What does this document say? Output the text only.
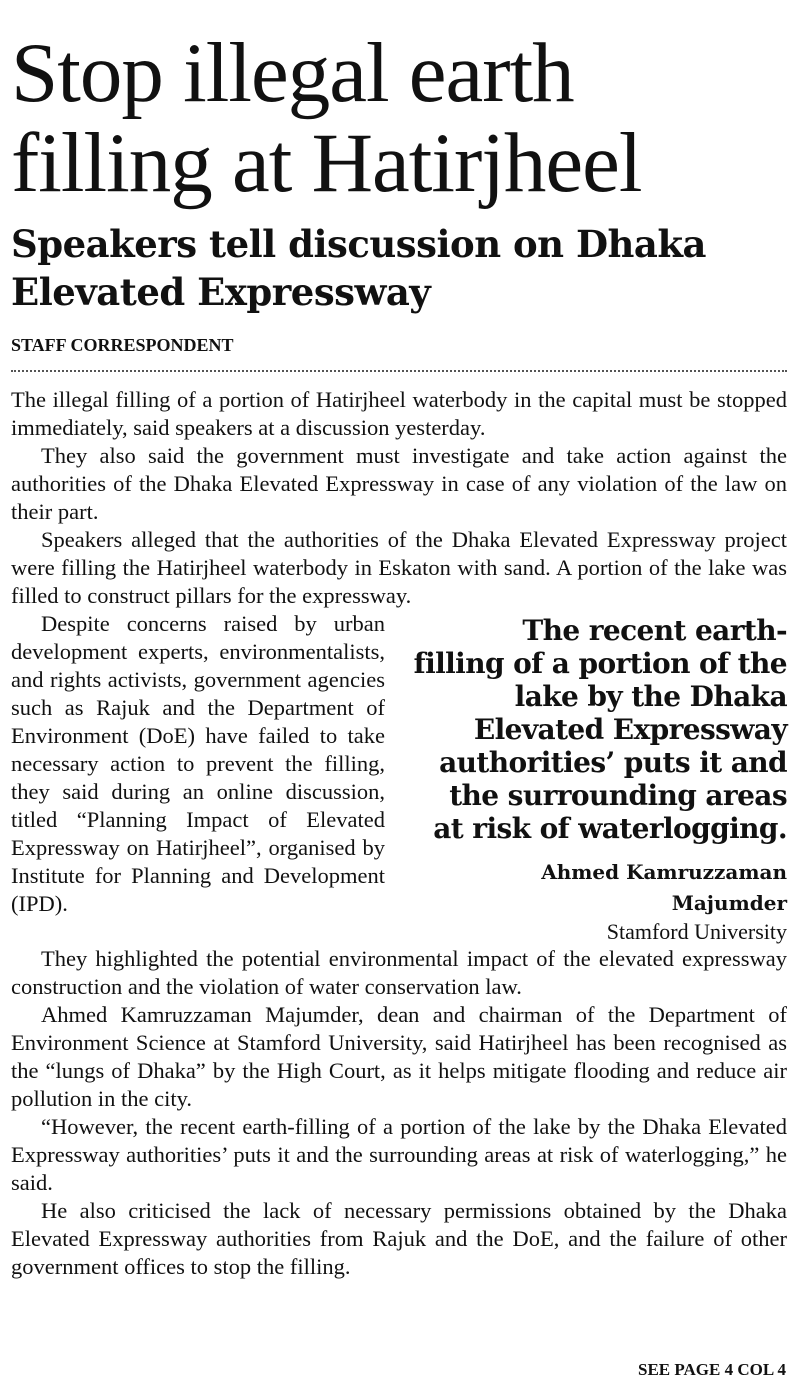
Stop illegal earth
filling at Hatirjheel
Speakers tell discussion on Dhaka
Elevated Expressway
STAFF CORRESPONDENT

The illegal filling of a portion of Hatirjheel waterbody in the capital must be stopped immediately, said speakers at a discussion yesterday.

They also said the government must investigate and take action against the authorities of the Dhaka Elevated Expressway in case of any violation of the law on their part.

Speakers alleged that the authorities of the Dhaka Elevated Expressway project were filling the Hatirjheel waterbody in Eskaton with sand. A portion of the lake was filled to construct pillars for the expressway.

Despite concerns raised by urban development experts, environmentalists, and rights activists, government agencies such as Rajuk and the Department of Environment (DoE) have failed to take necessary action to prevent the filling, they said during an online discussion, titled “Planning Impact of Elevated Expressway on Hatirjheel”, organised by Institute for Planning and Development (IPD).

The recent earth-filling of a portion of the lake by the Dhaka Elevated Expressway authorities’ puts it and the surrounding areas at risk of waterlogging.

Ahmed Kamruzzaman
Majumder
Stamford University

They highlighted the potential environmental impact of the elevated expressway construction and the violation of water conservation law.

Ahmed Kamruzzaman Majumder, dean and chairman of the Department of Environment Science at Stamford University, said Hatirjheel has been recognised as the “lungs of Dhaka” by the High Court, as it helps mitigate flooding and reduce air pollution in the city.

“However, the recent earth-filling of a portion of the lake by the Dhaka Elevated Expressway authorities’ puts it and the surrounding areas at risk of waterlogging,” he said.

He also criticised the lack of necessary permissions obtained by the Dhaka Elevated Expressway authorities from Rajuk and the DoE, and the failure of other government offices to stop the filling.

SEE PAGE 4 COL 4
